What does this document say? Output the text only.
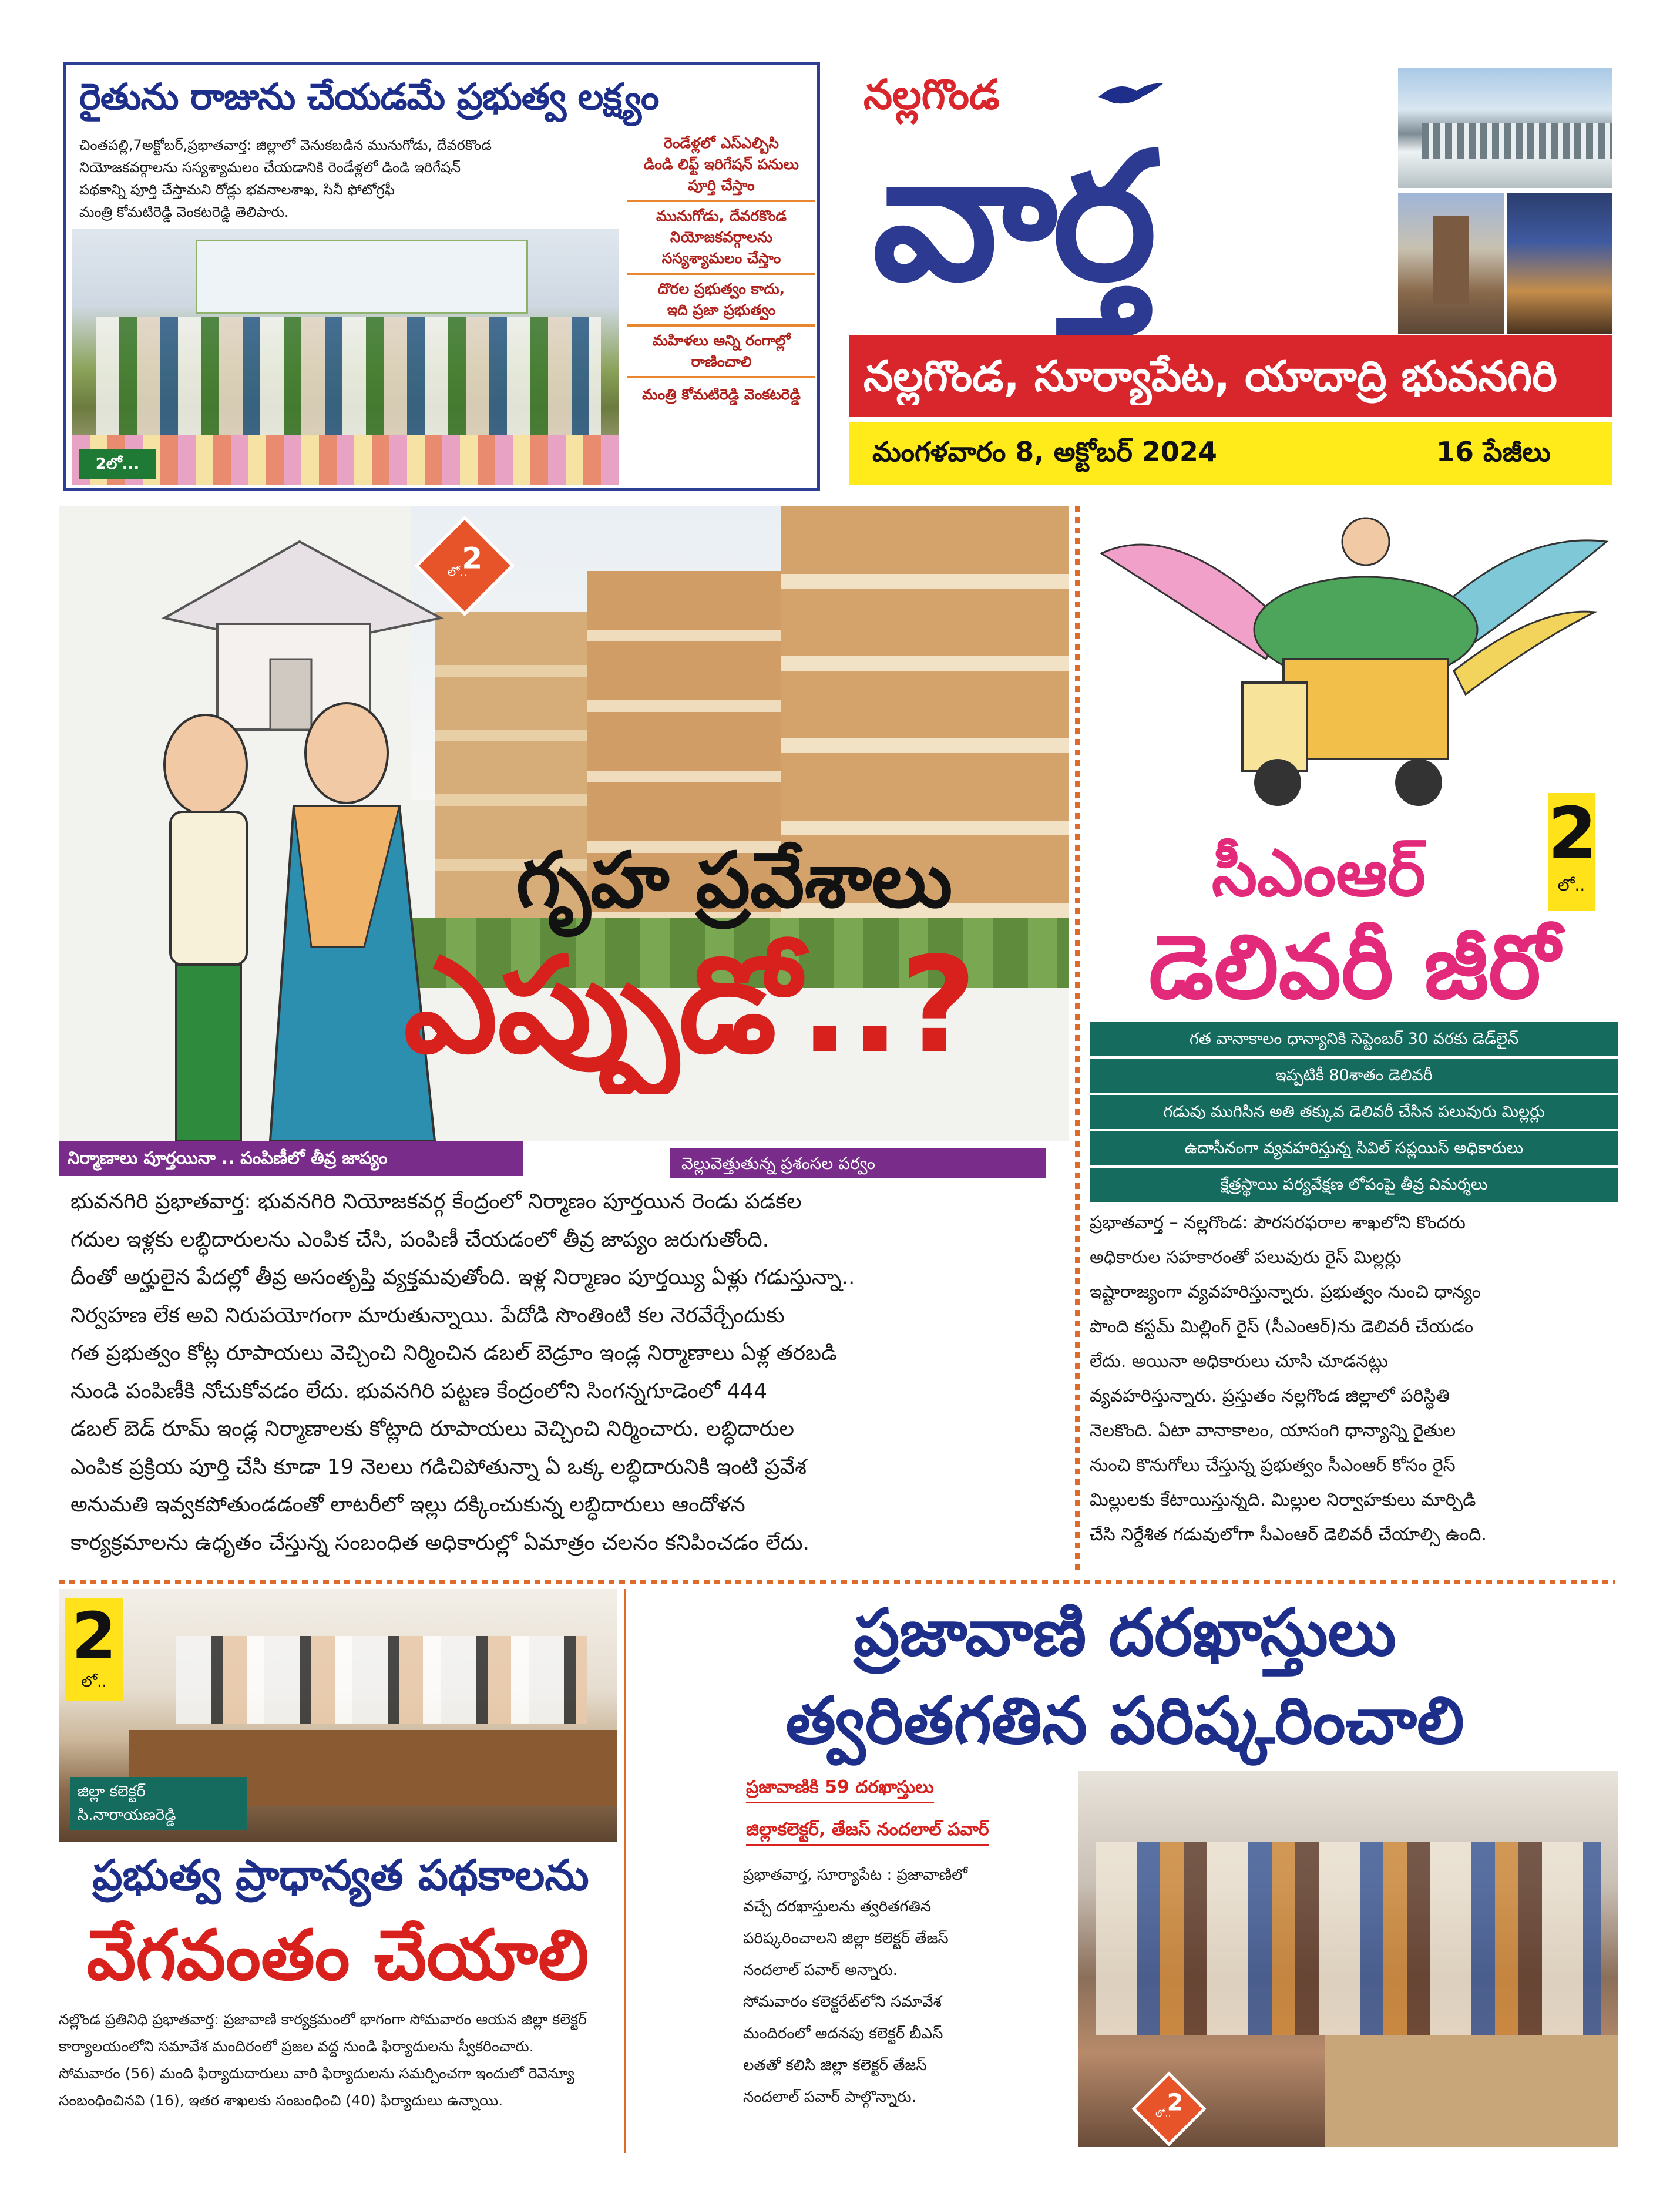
రైతును రాజును చేయడమే ప్రభుత్వ లక్ష్యం
చింతపల్లి,7అక్టోబర్,ప్రభాతవార్త: జిల్లాలో వెనుకబడిన మునుగోడు, దేవరకొండ
నియోజకవర్గాలను సస్యశ్యామలం చేయడానికి రెండేళ్లలో డిండి ఇరిగేషన్
పథకాన్ని పూర్తి చేస్తామని రోడ్లు భవనాలశాఖ, సినీ ఫోటోగ్రఫీ
మంత్రి కోమటిరెడ్డి వెంకటరెడ్డి తెలిపారు.
2లో...
రెండేళ్లలో ఎస్ఎల్బిసి
డిండి లిఫ్ట్ ఇరిగేషన్ పనులు
పూర్తి చేస్తాం
మునుగోడు, దేవరకొండ
నియోజకవర్గాలను
సస్యశ్యామలం చేస్తాం
దొరల ప్రభుత్వం కాదు,
ఇది ప్రజా ప్రభుత్వం
మహిళలు అన్ని రంగాల్లో
రాణించాలి
మంత్రి కోమటిరెడ్డి వెంకటరెడ్డి
నల్లగొండ
వార్త
నల్లగొండ, సూర్యాపేట, యాదాద్రి భువనగిరి
మంగళవారం 8, అక్టోబర్ 2024	16 పేజీలు
2
లో..
గృహ ప్రవేశాలు
ఎప్పుడో..?
నిర్మాణాలు పూర్తయినా .. పంపిణీలో తీవ్ర జాప్యం	వెల్లువెత్తుతున్న ప్రశంసల పర్వం
భువనగిరి ప్రభాతవార్త: భువనగిరి నియోజకవర్గ కేంద్రంలో నిర్మాణం పూర్తయిన రెండు పడకల
గదుల ఇళ్లకు లబ్ధిదారులను ఎంపిక చేసి, పంపిణీ చేయడంలో తీవ్ర జాప్యం జరుగుతోంది.
దీంతో అర్హులైన పేదల్లో తీవ్ర అసంతృప్తి వ్యక్తమవుతోంది. ఇళ్ల నిర్మాణం పూర్తయ్యి ఏళ్లు గడుస్తున్నా..
నిర్వహణ లేక అవి నిరుపయోగంగా మారుతున్నాయి. పేదోడి సొంతింటి కల నెరవేర్చేందుకు
గత ప్రభుత్వం కోట్ల రూపాయలు వెచ్చించి నిర్మించిన డబల్ బెడ్రూం ఇండ్ల నిర్మాణాలు ఏళ్ల తరబడి
నుండి పంపిణీకి నోచుకోవడం లేదు. భువనగిరి పట్టణ కేంద్రంలోని సింగన్నగూడెంలో 444
డబల్ బెడ్ రూమ్ ఇండ్ల నిర్మాణాలకు కోట్లాది రూపాయలు వెచ్చించి నిర్మించారు. లబ్ధిదారుల
ఎంపిక ప్రక్రియ పూర్తి చేసి కూడా 19 నెలలు గడిచిపోతున్నా ఏ ఒక్క లబ్ధిదారునికి ఇంటి ప్రవేశ
అనుమతి ఇవ్వకపోతుండడంతో లాటరీలో ఇల్లు దక్కించుకున్న లబ్ధిదారులు ఆందోళన
కార్యక్రమాలను ఉధృతం చేస్తున్న సంబంధిత అధికారుల్లో ఏమాత్రం చలనం కనిపించడం లేదు.
2
లో..
సీఎంఆర్
డెలివరీ జీరో
గత వానాకాలం ధాన్యానికి సెప్టెంబర్ 30 వరకు డెడ్‌లైన్
ఇప్పటికీ 80శాతం డెలివరీ
గడువు ముగిసిన అతి తక్కువ డెలివరీ చేసిన పలువురు మిల్లర్లు
ఉదాసీనంగా వ్యవహరిస్తున్న సివిల్ సప్లయిస్ అధికారులు
క్షేత్రస్థాయి పర్యవేక్షణ లోపంపై తీవ్ర విమర్శలు
ప్రభాతవార్త – నల్లగొండ: పౌరసరఫరాల శాఖలోని కొందరు
అధికారుల సహకారంతో పలువురు రైస్ మిల్లర్లు
ఇష్టారాజ్యంగా వ్యవహరిస్తున్నారు. ప్రభుత్వం నుంచి ధాన్యం
పొంది కస్టమ్ మిల్లింగ్ రైస్ (సీఎంఆర్)ను డెలివరీ చేయడం
లేదు. అయినా అధికారులు చూసి చూడనట్లు
వ్యవహరిస్తున్నారు. ప్రస్తుతం నల్లగొండ జిల్లాలో పరిస్థితి
నెలకొంది. ఏటా వానాకాలం, యాసంగి ధాన్యాన్ని రైతుల
నుంచి కొనుగోలు చేస్తున్న ప్రభుత్వం సీఎంఆర్ కోసం రైస్
మిల్లులకు కేటాయిస్తున్నది. మిల్లుల నిర్వాహకులు మార్పిడి
చేసి నిర్దేశిత గడువులోగా సీఎంఆర్ డెలివరీ చేయాల్సి ఉంది.
2
లో..
జిల్లా కలెక్టర్
సి.నారాయణరెడ్డి
ప్రభుత్వ ప్రాధాన్యత పథకాలను
వేగవంతం చేయాలి
నల్లొండ ప్రతినిధి ప్రభాతవార్త: ప్రజావాణి కార్యక్రమంలో భాగంగా సోమవారం ఆయన జిల్లా కలెక్టర్
కార్యాలయంలోని సమావేశ మందిరంలో ప్రజల వద్ద నుండి ఫిర్యాదులను స్వీకరించారు.
సోమవారం (56) మంది ఫిర్యాదుదారులు వారి ఫిర్యాదులను సమర్పించగా ఇందులో రెవెన్యూ
సంబంధించినవి (16), ఇతర శాఖలకు సంబంధించి (40) ఫిర్యాదులు ఉన్నాయి.
ప్రజావాణి దరఖాస్తులు
త్వరితగతిన పరిష్కరించాలి
ప్రజావాణికి 59 దరఖాస్తులు
జిల్లాకలెక్టర్, తేజస్ నందలాల్ పవార్
ప్రభాతవార్త, సూర్యాపేట : ప్రజావాణిలో
వచ్చే దరఖాస్తులను త్వరితగతిన
పరిష్కరించాలని జిల్లా కలెక్టర్ తేజస్
నందలాల్ పవార్ అన్నారు.
సోమవారం కలెక్టరేట్‌లోని సమావేశ
మందిరంలో అదనపు కలెక్టర్ బీఎస్
లతతో కలిసి జిల్లా కలెక్టర్ తేజస్
నందలాల్ పవార్ పాల్గొన్నారు.	2
లో..
